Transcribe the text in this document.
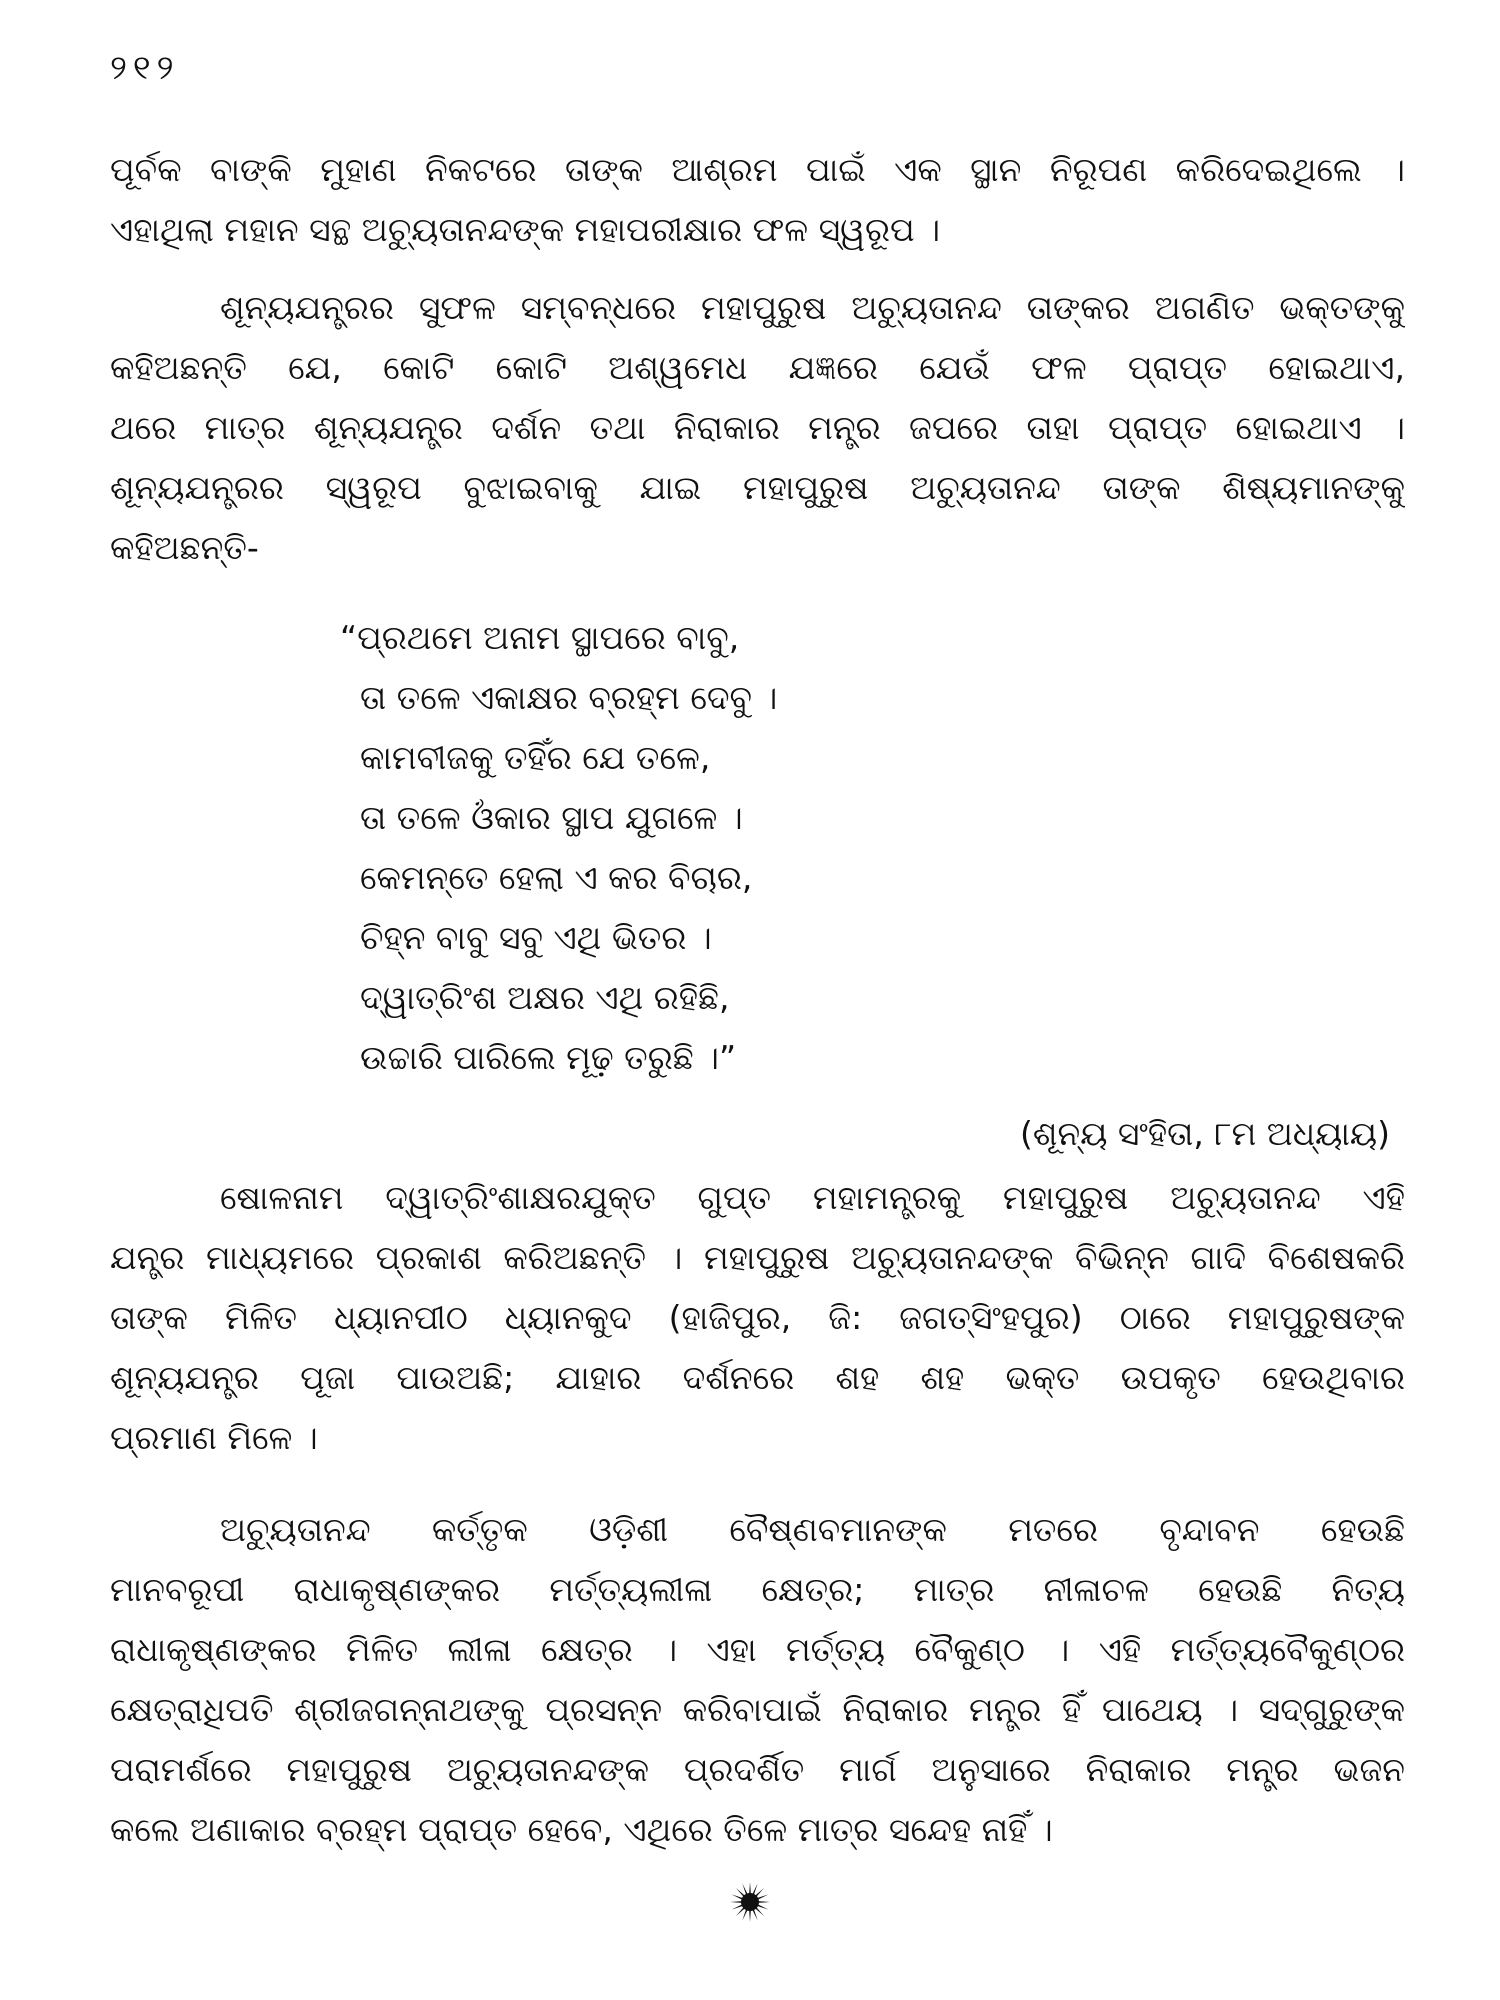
୨୧୨
ପୂର୍ବକ ବାଙ୍କି ମୁହାଣ ନିକଟରେ ତାଙ୍କ ଆଶ୍ରମ ପାଇଁ ଏକ ସ୍ଥାନ ନିରୂପଣ କରିଦେଇଥିଲେ ।
ଏହାଥିଲା ମହାନ ସନ୍ଥ ଅଚ୍ୟୁତାନନ୍ଦଙ୍କ ମହାପରୀକ୍ଷାର ଫଳ ସ୍ୱରୂପ ।
ଶୂନ୍ୟଯନ୍ତ୍ରର ସୁଫଳ ସମ୍ବନ୍ଧରେ ମହାପୁରୁଷ ଅଚ୍ୟୁତାନନ୍ଦ ତାଙ୍କର ଅଗଣିତ ଭକ୍ତଙ୍କୁ
କହିଅଛନ୍ତି ଯେ, କୋଟି କୋଟି ଅଶ୍ୱମେଧ ଯଜ୍ଞରେ ଯେଉଁ ଫଳ ପ୍ରାପ୍ତ ହୋଇଥାଏ,
ଥରେ ମାତ୍ର ଶୂନ୍ୟଯନ୍ତ୍ର ଦର୍ଶନ ତଥା ନିରାକାର ମନ୍ତ୍ର ଜପରେ ତାହା ପ୍ରାପ୍ତ ହୋଇଥାଏ ।
ଶୂନ୍ୟଯନ୍ତ୍ରର ସ୍ୱରୂପ ବୁଝାଇବାକୁ ଯାଇ ମହାପୁରୁଷ ଅଚ୍ୟୁତାନନ୍ଦ ତାଙ୍କ ଶିଷ୍ୟମାନଙ୍କୁ
କହିଅଛନ୍ତି-
“ପ୍ରଥମେ ଅନାମ ସ୍ଥାପରେ ବାବୁ,
ତା ତଳେ ଏକାକ୍ଷର ବ୍ରହ୍ମ ଦେବୁ ।
କାମବୀଜକୁ ତହିଁର ଯେ ତଳେ,
ତା ତଳେ ଓଁକାର ସ୍ଥାପ ଯୁଗଳେ ।
କେମନ୍ତେ ହେଲା ଏ କର ବିଚାର,
ଚିହ୍ନ ବାବୁ ସବୁ ଏଥି ଭିତର ।
ଦ୍ୱାତ୍ରିଂଶ ଅକ୍ଷର ଏଥି ରହିଛି,
ଉଚ୍ଚାରି ପାରିଲେ ମୂଢ଼ ତରୁଛି ।”
(ଶୂନ୍ୟ ସଂହିତା, ୮ମ ଅଧ୍ୟାୟ)
ଷୋଳନାମ ଦ୍ୱାତ୍ରିଂଶାକ୍ଷରଯୁକ୍ତ ଗୁପ୍ତ ମହାମନ୍ତ୍ରକୁ ମହାପୁରୁଷ ଅଚ୍ୟୁତାନନ୍ଦ ଏହି
ଯନ୍ତ୍ର ମାଧ୍ୟମରେ ପ୍ରକାଶ କରିଅଛନ୍ତି । ମହାପୁରୁଷ ଅଚ୍ୟୁତାନନ୍ଦଙ୍କ ବିଭିନ୍ନ ଗାଦି ବିଶେଷକରି
ତାଙ୍କ ମିଳିତ ଧ୍ୟାନପୀଠ ଧ୍ୟାନକୁଦ (ହାଜିପୁର, ଜି: ଜଗତ୍‌ସିଂହପୁର) ଠାରେ ମହାପୁରୁଷଙ୍କ
ଶୂନ୍ୟଯନ୍ତ୍ର ପୂଜା ପାଉଅଛି; ଯାହାର ଦର୍ଶନରେ ଶହ ଶହ ଭକ୍ତ ଉପକୃତ ହେଉଥିବାର
ପ୍ରମାଣ ମିଳେ ।
ଅଚ୍ୟୁତାନନ୍ଦ କର୍ତ୍ତୃକ ଓଡ଼ିଶୀ ବୈଷ୍ଣବମାନଙ୍କ ମତରେ ବୃନ୍ଦାବନ ହେଉଛି
ମାନବରୂପୀ ରାଧାକୃଷ୍ଣଙ୍କର ମର୍ତ୍ତ୍ୟଲୀଳା କ୍ଷେତ୍ର; ମାତ୍ର ନୀଳାଚଳ ହେଉଛି ନିତ୍ୟ
ରାଧାକୃଷ୍ଣଙ୍କର ମିଳିତ ଲୀଳା କ୍ଷେତ୍ର । ଏହା ମର୍ତ୍ତ୍ୟ ବୈକୁଣ୍ଠ । ଏହି ମର୍ତ୍ତ୍ୟବୈକୁଣ୍ଠର
କ୍ଷେତ୍ରାଧିପତି ଶ୍ରୀଜଗନ୍ନାଥଙ୍କୁ ପ୍ରସନ୍ନ କରିବାପାଇଁ ନିରାକାର ମନ୍ତ୍ର ହିଁ ପାଥେୟ । ସଦ୍‌ଗୁରୁଙ୍କ
ପରାମର୍ଶରେ ମହାପୁରୁଷ ଅଚ୍ୟୁତାନନ୍ଦଙ୍କ ପ୍ରଦର୍ଶିତ ମାର୍ଗ ଅନୁସାରେ ନିରାକାର ମନ୍ତ୍ର ଭଜନ
କଲେ ଅଣାକାର ବ୍ରହ୍ମ ପ୍ରାପ୍ତ ହେବେ, ଏଥିରେ ତିଳେ ମାତ୍ର ସନ୍ଦେହ ନାହିଁ ।
